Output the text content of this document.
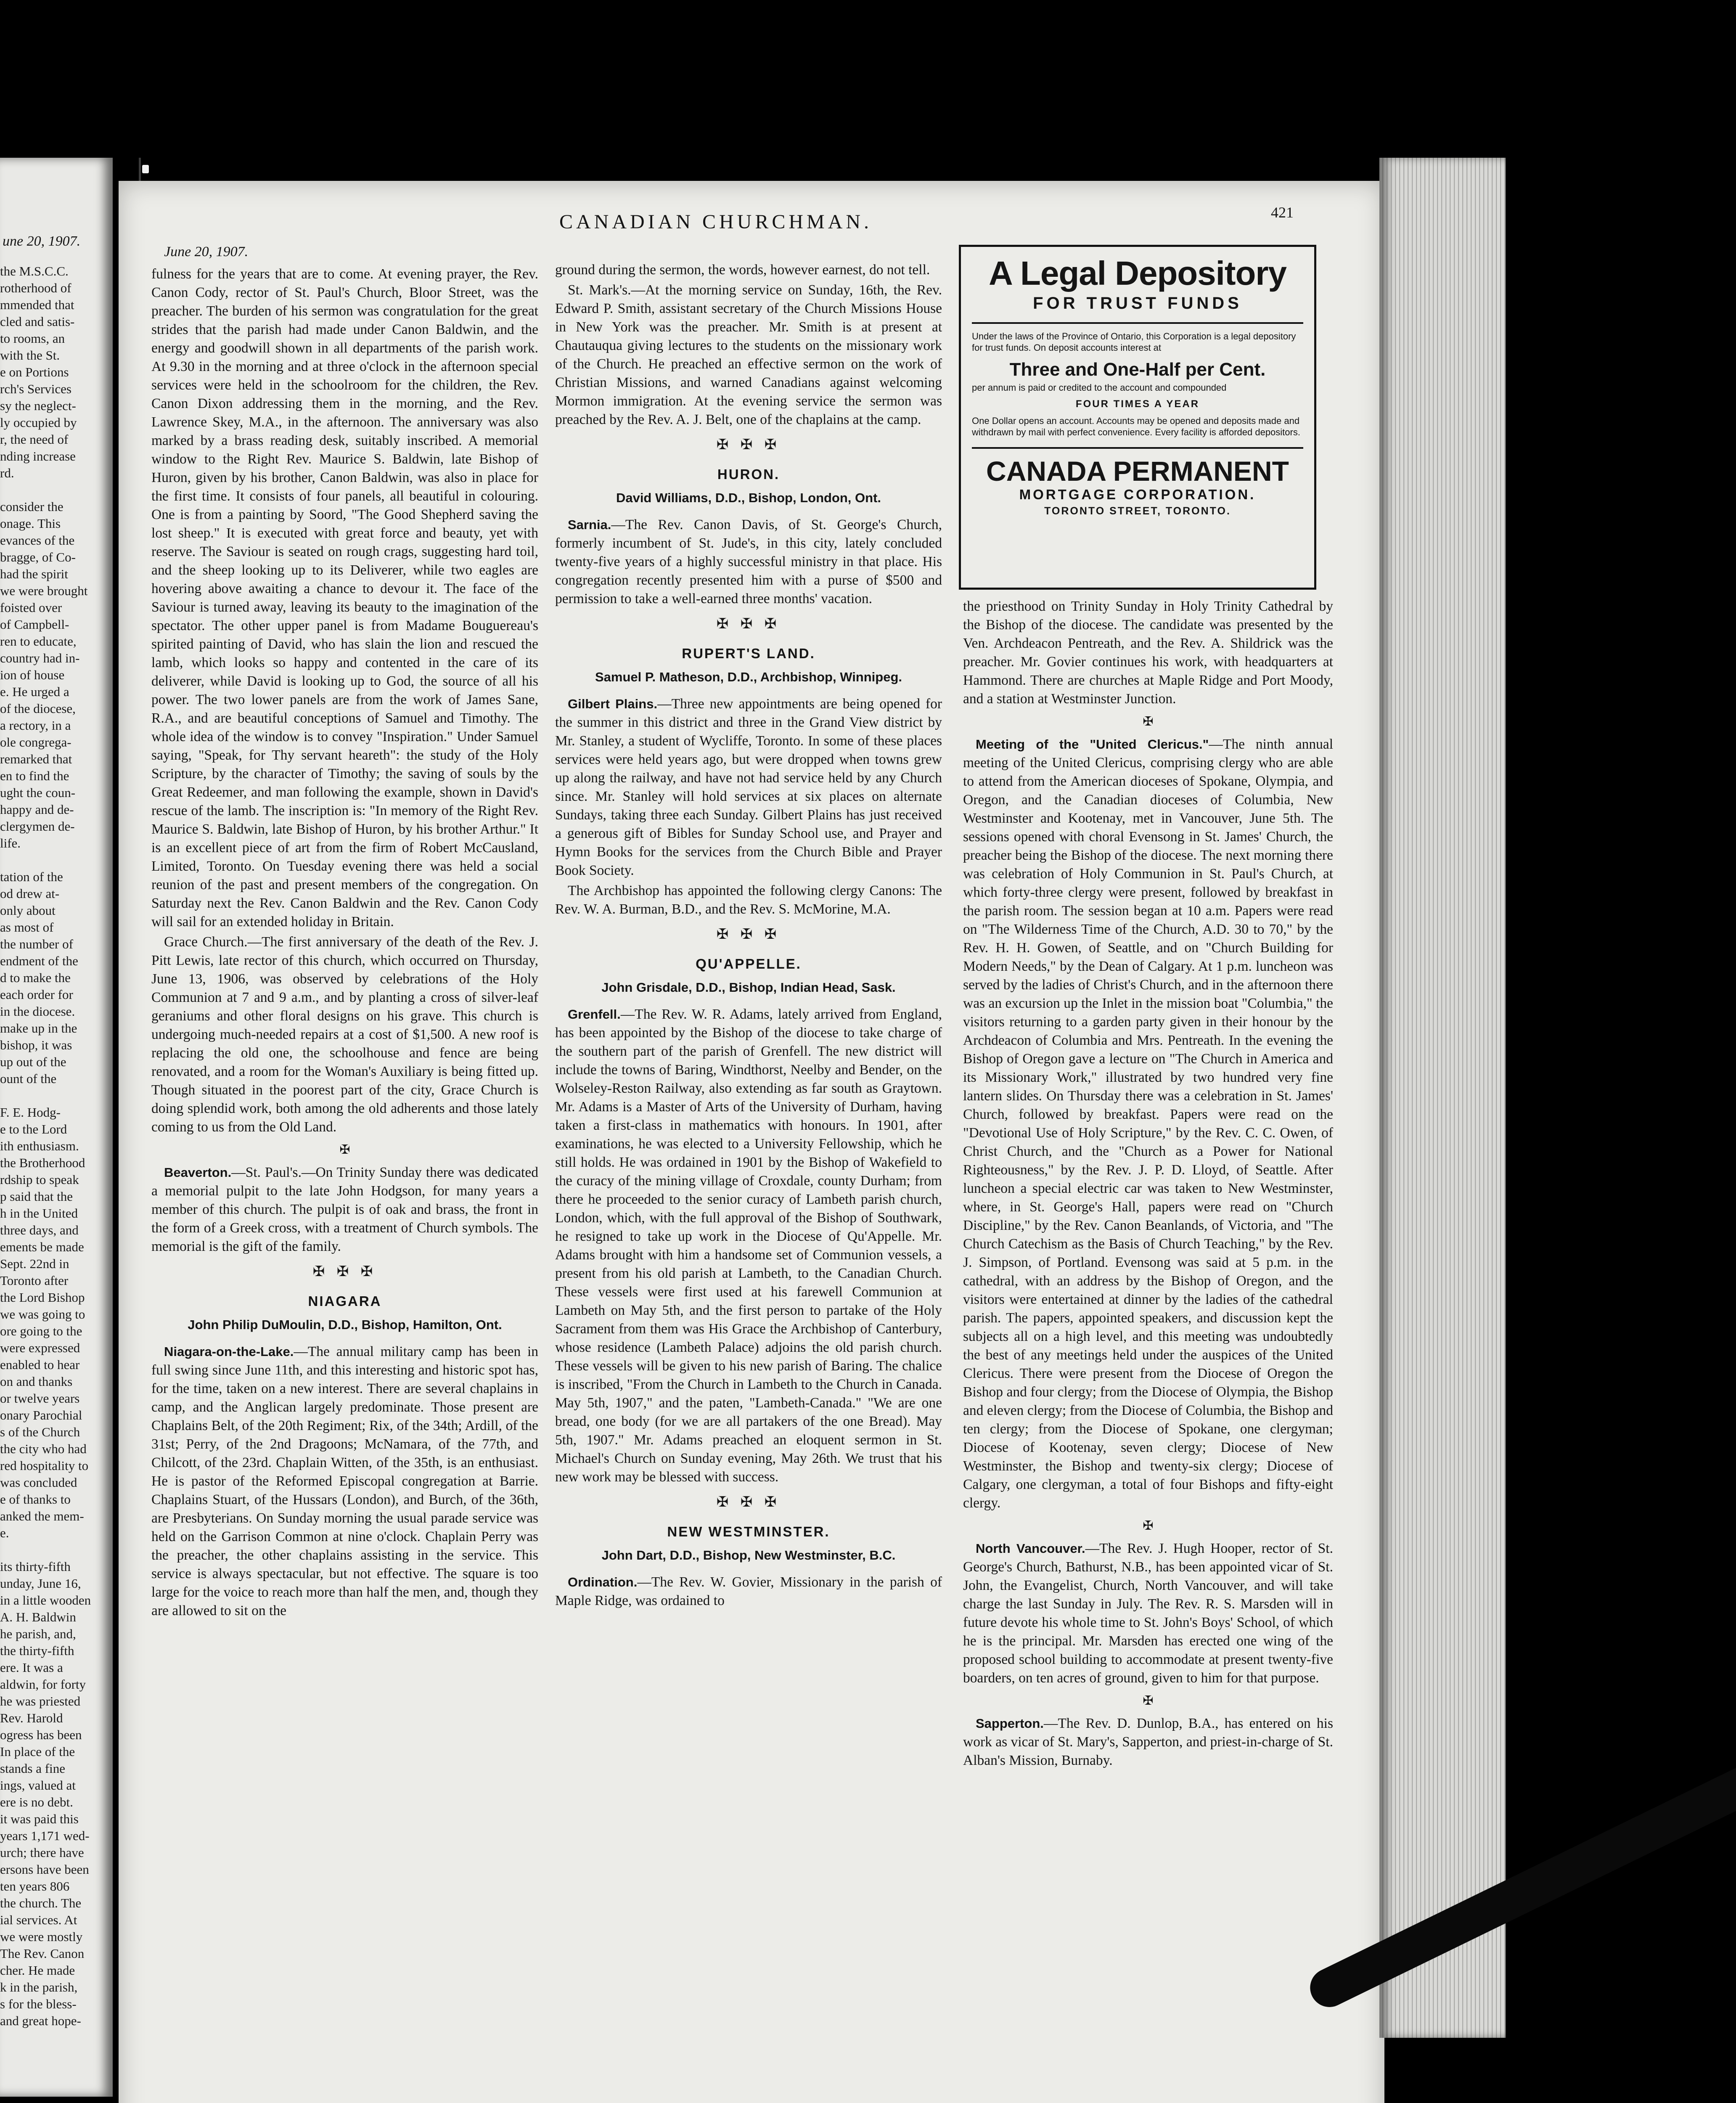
une 20, 1907.
the M.S.C.C.
rotherhood of
mmended that
cled and satis-
to rooms, an
with the St.
e on Portions
rch's Services
sy the neglect-
ly occupied by
r, the need of
nding increase
rd.

consider the
onage. This
evances of the
bragge, of Co-
had the spirit
we were brought
foisted over
of Campbell-
ren to educate,
country had in-
ion of house
e. He urged a
of the diocese,
a rectory, in a
ole congrega-
remarked that
en to find the
ught the coun-
happy and de-
clergymen de-
life.

tation of the
od drew at-
only about
as most of
the number of
endment of the
d to make the
each order for
in the diocese.
make up in the
bishop, it was
up out of the
ount of the

F. E. Hodg-
e to the Lord
ith enthusiasm.
the Brotherhood
rdship to speak
p said that the
h in the United
three days, and
ements be made
Sept. 22nd in
Toronto after
the Lord Bishop
we was going to
ore going to the
were expressed
enabled to hear
on and thanks
or twelve years
onary Parochial
s of the Church
the city who had
red hospitality to
was concluded
e of thanks to
anked the mem-
e.

its thirty-fifth
unday, June 16,
in a little wooden
A. H. Baldwin
he parish, and,
the thirty-fifth
ere. It was a
aldwin, for forty
he was priested
Rev. Harold
ogress has been
In place of the
stands a fine
ings, valued at
ere is no debt.
it was paid this
years 1,171 wed-
urch; there have
ersons have been
ten years 806
the church. The
ial services. At
we were mostly
The Rev. Canon
cher. He made
k in the parish,
s for the bless-
and great hope-
CANADIAN CHURCHMAN.	421
June 20, 1907.

fulness for the years that are to come. At evening prayer, the Rev. Canon Cody, rector of St. Paul's Church, Bloor Street, was the preacher. The burden of his sermon was congratulation for the great strides that the parish had made under Canon Baldwin, and the energy and goodwill shown in all departments of the parish work. At 9.30 in the morning and at three o'clock in the afternoon special services were held in the schoolroom for the children, the Rev. Canon Dixon addressing them in the morning, and the Rev. Lawrence Skey, M.A., in the afternoon. The anniversary was also marked by a brass reading desk, suitably inscribed. A memorial window to the Right Rev. Maurice S. Baldwin, late Bishop of Huron, given by his brother, Canon Baldwin, was also in place for the first time. It consists of four panels, all beautiful in colouring. One is from a painting by Soord, "The Good Shepherd saving the lost sheep." It is executed with great force and beauty, yet with reserve. The Saviour is seated on rough crags, suggesting hard toil, and the sheep looking up to its Deliverer, while two eagles are hovering above awaiting a chance to devour it. The face of the Saviour is turned away, leaving its beauty to the imagination of the spectator. The other upper panel is from Madame Bouguereau's spirited painting of David, who has slain the lion and rescued the lamb, which looks so happy and contented in the care of its deliverer, while David is looking up to God, the source of all his power. The two lower panels are from the work of James Sane, R.A., and are beautiful conceptions of Samuel and Timothy. The whole idea of the window is to convey "Inspiration." Under Samuel saying, "Speak, for Thy servant heareth": the study of the Holy Scripture, by the character of Timothy; the saving of souls by the Great Redeemer, and man following the example, shown in David's rescue of the lamb. The inscription is: "In memory of the Right Rev. Maurice S. Baldwin, late Bishop of Huron, by his brother Arthur." It is an excellent piece of art from the firm of Robert McCausland, Limited, Toronto. On Tuesday evening there was held a social reunion of the past and present members of the congregation. On Saturday next the Rev. Canon Baldwin and the Rev. Canon Cody will sail for an extended holiday in Britain.

Grace Church.—The first anniversary of the death of the Rev. J. Pitt Lewis, late rector of this church, which occurred on Thursday, June 13, 1906, was observed by celebrations of the Holy Communion at 7 and 9 a.m., and by planting a cross of silver-leaf geraniums and other floral designs on his grave. This church is undergoing much-needed repairs at a cost of $1,500. A new roof is replacing the old one, the schoolhouse and fence are being renovated, and a room for the Woman's Auxiliary is being fitted up. Though situated in the poorest part of the city, Grace Church is doing splendid work, both among the old adherents and those lately coming to us from the Old Land.

✠

Beaverton.—St. Paul's.—On Trinity Sunday there was dedicated a memorial pulpit to the late John Hodgson, for many years a member of this church. The pulpit is of oak and brass, the front in the form of a Greek cross, with a treatment of Church symbols. The memorial is the gift of the family.

✠ ✠ ✠
NIAGARA
John Philip DuMoulin, D.D., Bishop, Hamilton, Ont.

Niagara-on-the-Lake.—The annual military camp has been in full swing since June 11th, and this interesting and historic spot has, for the time, taken on a new interest. There are several chaplains in camp, and the Anglican largely predominate. Those present are Chaplains Belt, of the 20th Regiment; Rix, of the 34th; Ardill, of the 31st; Perry, of the 2nd Dragoons; McNamara, of the 77th, and Chilcott, of the 23rd. Chaplain Witten, of the 35th, is an enthusiast. He is pastor of the Reformed Episcopal congregation at Barrie. Chaplains Stuart, of the Hussars (London), and Burch, of the 36th, are Presbyterians. On Sunday morning the usual parade service was held on the Garrison Common at nine o'clock. Chaplain Perry was the preacher, the other chaplains assisting in the service. This service is always spectacular, but not effective. The square is too large for the voice to reach more than half the men, and, though they are allowed to sit on the

ground during the sermon, the words, however earnest, do not tell.

St. Mark's.—At the morning service on Sunday, 16th, the Rev. Edward P. Smith, assistant secretary of the Church Missions House in New York was the preacher. Mr. Smith is at present at Chautauqua giving lectures to the students on the missionary work of the Church. He preached an effective sermon on the work of Christian Missions, and warned Canadians against welcoming Mormon immigration. At the evening service the sermon was preached by the Rev. A. J. Belt, one of the chaplains at the camp.

✠ ✠ ✠
HURON.
David Williams, D.D., Bishop, London, Ont.

Sarnia.—The Rev. Canon Davis, of St. George's Church, formerly incumbent of St. Jude's, in this city, lately concluded twenty-five years of a highly successful ministry in that place. His congregation recently presented him with a purse of $500 and permission to take a well-earned three months' vacation.

✠ ✠ ✠
RUPERT'S LAND.
Samuel P. Matheson, D.D., Archbishop, Winnipeg.

Gilbert Plains.—Three new appointments are being opened for the summer in this district and three in the Grand View district by Mr. Stanley, a student of Wycliffe, Toronto. In some of these places services were held years ago, but were dropped when towns grew up along the railway, and have not had service held by any Church since. Mr. Stanley will hold services at six places on alternate Sundays, taking three each Sunday. Gilbert Plains has just received a generous gift of Bibles for Sunday School use, and Prayer and Hymn Books for the services from the Church Bible and Prayer Book Society.

The Archbishop has appointed the following clergy Canons: The Rev. W. A. Burman, B.D., and the Rev. S. McMorine, M.A.

✠ ✠ ✠
QU'APPELLE.
John Grisdale, D.D., Bishop, Indian Head, Sask.

Grenfell.—The Rev. W. R. Adams, lately arrived from England, has been appointed by the Bishop of the diocese to take charge of the southern part of the parish of Grenfell. The new district will include the towns of Baring, Windthorst, Neelby and Bender, on the Wolseley-Reston Railway, also extending as far south as Graytown. Mr. Adams is a Master of Arts of the University of Durham, having taken a first-class in mathematics with honours. In 1901, after examinations, he was elected to a University Fellowship, which he still holds. He was ordained in 1901 by the Bishop of Wakefield to the curacy of the mining village of Croxdale, county Durham; from there he proceeded to the senior curacy of Lambeth parish church, London, which, with the full approval of the Bishop of Southwark, he resigned to take up work in the Diocese of Qu'Appelle. Mr. Adams brought with him a handsome set of Communion vessels, a present from his old parish at Lambeth, to the Canadian Church. These vessels were first used at his farewell Communion at Lambeth on May 5th, and the first person to partake of the Holy Sacrament from them was His Grace the Archbishop of Canterbury, whose residence (Lambeth Palace) adjoins the old parish church. These vessels will be given to his new parish of Baring. The chalice is inscribed, "From the Church in Lambeth to the Church in Canada. May 5th, 1907," and the paten, "Lambeth-Canada." "We are one bread, one body (for we are all partakers of the one Bread). May 5th, 1907." Mr. Adams preached an eloquent sermon in St. Michael's Church on Sunday evening, May 26th. We trust that his new work may be blessed with success.

✠ ✠ ✠
NEW WESTMINSTER.
John Dart, D.D., Bishop, New Westminster, B.C.

Ordination.—The Rev. W. Govier, Missionary in the parish of Maple Ridge, was ordained to

A Legal Depository
FOR TRUST FUNDS
Under the laws of the Province of Ontario, this Corporation is a legal depository for trust funds. On deposit accounts interest at
Three and One-Half per Cent.
per annum is paid or credited to the account and compounded
FOUR TIMES A YEAR
One Dollar opens an account. Accounts may be opened and deposits made and withdrawn by mail with perfect convenience. Every facility is afforded depositors.
CANADA PERMANENT
MORTGAGE CORPORATION.
TORONTO STREET, TORONTO.

the priesthood on Trinity Sunday in Holy Trinity Cathedral by the Bishop of the diocese. The candidate was presented by the Ven. Archdeacon Pentreath, and the Rev. A. Shildrick was the preacher. Mr. Govier continues his work, with headquarters at Hammond. There are churches at Maple Ridge and Port Moody, and a station at Westminster Junction.

✠

Meeting of the "United Clericus."—The ninth annual meeting of the United Clericus, comprising clergy who are able to attend from the American dioceses of Spokane, Olympia, and Oregon, and the Canadian dioceses of Columbia, New Westminster and Kootenay, met in Vancouver, June 5th. The sessions opened with choral Evensong in St. James' Church, the preacher being the Bishop of the diocese. The next morning there was celebration of Holy Communion in St. Paul's Church, at which forty-three clergy were present, followed by breakfast in the parish room. The session began at 10 a.m. Papers were read on "The Wilderness Time of the Church, A.D. 30 to 70," by the Rev. H. H. Gowen, of Seattle, and on "Church Building for Modern Needs," by the Dean of Calgary. At 1 p.m. luncheon was served by the ladies of Christ's Church, and in the afternoon there was an excursion up the Inlet in the mission boat "Columbia," the visitors returning to a garden party given in their honour by the Archdeacon of Columbia and Mrs. Pentreath. In the evening the Bishop of Oregon gave a lecture on "The Church in America and its Missionary Work," illustrated by two hundred very fine lantern slides. On Thursday there was a celebration in St. James' Church, followed by breakfast. Papers were read on the "Devotional Use of Holy Scripture," by the Rev. C. C. Owen, of Christ Church, and the "Church as a Power for National Righteousness," by the Rev. J. P. D. Lloyd, of Seattle. After luncheon a special electric car was taken to New Westminster, where, in St. George's Hall, papers were read on "Church Discipline," by the Rev. Canon Beanlands, of Victoria, and "The Church Catechism as the Basis of Church Teaching," by the Rev. J. Simpson, of Portland. Evensong was said at 5 p.m. in the cathedral, with an address by the Bishop of Oregon, and the visitors were entertained at dinner by the ladies of the cathedral parish. The papers, appointed speakers, and discussion kept the subjects all on a high level, and this meeting was undoubtedly the best of any meetings held under the auspices of the United Clericus. There were present from the Diocese of Oregon the Bishop and four clergy; from the Diocese of Olympia, the Bishop and eleven clergy; from the Diocese of Columbia, the Bishop and ten clergy; from the Diocese of Spokane, one clergyman; Diocese of Kootenay, seven clergy; Diocese of New Westminster, the Bishop and twenty-six clergy; Diocese of Calgary, one clergyman, a total of four Bishops and fifty-eight clergy.

✠

North Vancouver.—The Rev. J. Hugh Hooper, rector of St. George's Church, Bathurst, N.B., has been appointed vicar of St. John, the Evangelist, Church, North Vancouver, and will take charge the last Sunday in July. The Rev. R. S. Marsden will in future devote his whole time to St. John's Boys' School, of which he is the principal. Mr. Marsden has erected one wing of the proposed school building to accommodate at present twenty-five boarders, on ten acres of ground, given to him for that purpose.

✠

Sapperton.—The Rev. D. Dunlop, B.A., has entered on his work as vicar of St. Mary's, Sapperton, and priest-in-charge of St. Alban's Mission, Burnaby.
